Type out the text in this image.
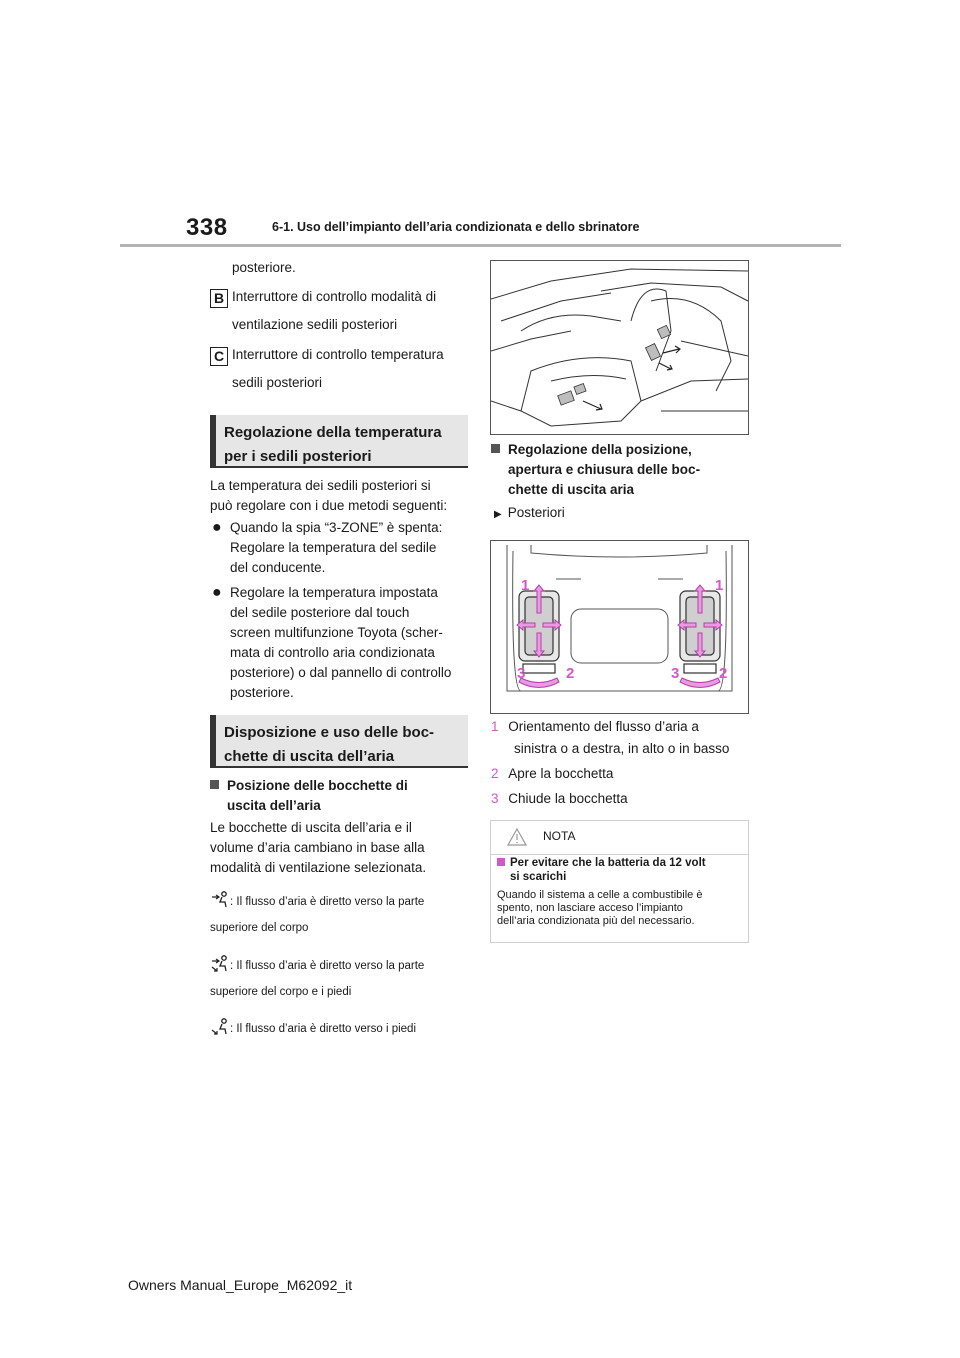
338	6-1. Uso dell’impianto dell’aria condizionata e dello sbrinatore
posteriore.
B Interruttore di controllo modalità di
ventilazione sedili posteriori
C Interruttore di controllo temperatura
sedili posteriori
Regolazione della temperatura
per i sedili posteriori
La temperatura dei sedili posteriori si
può regolare con i due metodi seguenti:
● Quando la spia “3-ZONE” è spenta:
Regolare la temperatura del sedile
del conducente.
● Regolare la temperatura impostata
del sedile posteriore dal touch
screen multifunzione Toyota (scher-
mata di controllo aria condizionata
posteriore) o dal pannello di controllo
posteriore.
Disposizione e uso delle boc-
chette di uscita dell’aria
Posizione delle bocchette di
uscita dell’aria
Le bocchette di uscita dell’aria e il
volume d’aria cambiano in base alla
modalità di ventilazione selezionata.
: Il flusso d’aria è diretto verso la parte
superiore del corpo
: Il flusso d’aria è diretto verso la parte
superiore del corpo e i piedi
: Il flusso d’aria è diretto verso i piedi
Regolazione della posizione,
apertura e chiusura delle boc-
chette di uscita aria
▶ Posteriori
1	1
2	2
3	3
1 Orientamento del flusso d’aria a
sinistra o a destra, in alto o in basso
2 Apre la bocchetta
3 Chiude la bocchetta
NOTA
Per evitare che la batteria da 12 volt
si scarichi
Quando il sistema a celle a combustibile è
spento, non lasciare acceso l’impianto
dell’aria condizionata più del necessario.
Owners Manual_Europe_M62092_it
